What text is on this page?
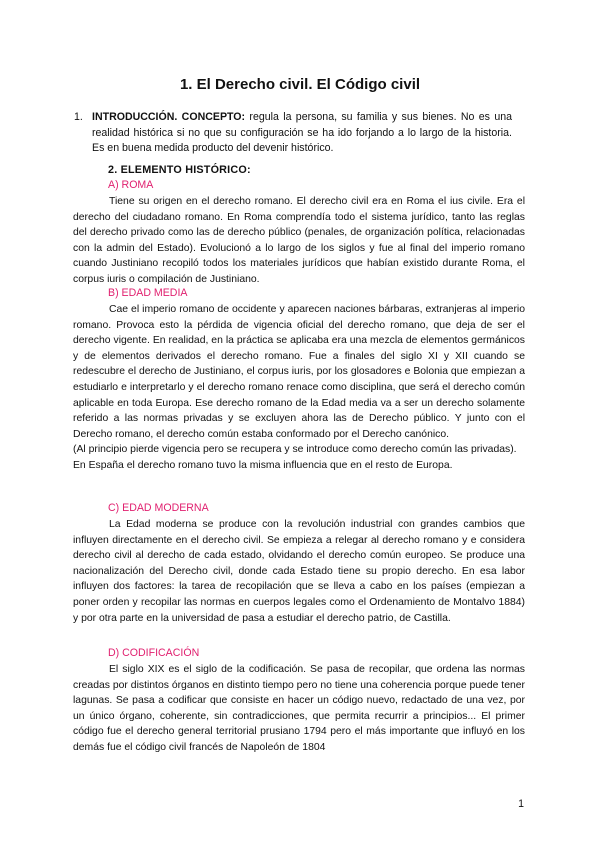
1. El Derecho civil. El Código civil
1. INTRODUCCIÓN. CONCEPTO: regula la persona, su familia y sus bienes. No es una realidad histórica si no que su configuración se ha ido forjando a lo largo de la historia. Es en buena medida producto del devenir histórico.
2. ELEMENTO HISTÓRICO:
A) ROMA

Tiene su origen en el derecho romano. El derecho civil era en Roma el ius civile. Era el derecho del ciudadano romano. En Roma comprendía todo el sistema jurídico, tanto las reglas del derecho privado como las de derecho público (penales, de organización política, relacionadas con la admin del Estado). Evolucionó a lo largo de los siglos y fue al final del imperio romano cuando Justiniano recopiló todos los materiales jurídicos que habían existido durante Roma, el corpus iuris o compilación de Justiniano.

B) EDAD MEDIA

Cae el imperio romano de occidente y aparecen naciones bárbaras, extranjeras al imperio romano. Provoca esto la pérdida de vigencia oficial del derecho romano, que deja de ser el derecho vigente. En realidad, en la práctica se aplicaba era una mezcla de elementos germánicos y de elementos derivados el derecho romano. Fue a finales del siglo XI y XII cuando se redescubre el derecho de Justiniano, el corpus iuris, por los glosadores e Bolonia que empiezan a estudiarlo e interpretarlo y el derecho romano renace como disciplina, que será el derecho común aplicable en toda Europa. Ese derecho romano de la Edad media va a ser un derecho solamente referido a las normas privadas y se excluyen ahora las de Derecho público. Y junto con el Derecho romano, el derecho común estaba conformado por el Derecho canónico.

(Al principio pierde vigencia pero se recupera y se introduce como derecho común las privadas).

En España el derecho romano tuvo la misma influencia que en el resto de Europa.

C) EDAD MODERNA

La Edad moderna se produce con la revolución industrial con grandes cambios que influyen directamente en el derecho civil. Se empieza a relegar al derecho romano y e considera derecho civil al derecho de cada estado, olvidando el derecho común europeo. Se produce una nacionalización del Derecho civil, donde cada Estado tiene su propio derecho. En esa labor influyen dos factores: la tarea de recopilación que se lleva a cabo en los países (empiezan a poner orden y recopilar las normas en cuerpos legales como el Ordenamiento de Montalvo 1884) y por otra parte en la universidad de pasa a estudiar el derecho patrio, de Castilla.

D) CODIFICACIÓN

El siglo XIX es el siglo de la codificación. Se pasa de recopilar, que ordena las normas creadas por distintos órganos en distinto tiempo pero no tiene una coherencia porque puede tener lagunas. Se pasa a codificar que consiste en hacer un código nuevo, redactado de una vez, por un único órgano, coherente, sin contradicciones, que permita recurrir a principios... El primer código fue el derecho general territorial prusiano 1794 pero el más importante que influyó en los demás fue el código civil francés de Napoleón de 1804

1
